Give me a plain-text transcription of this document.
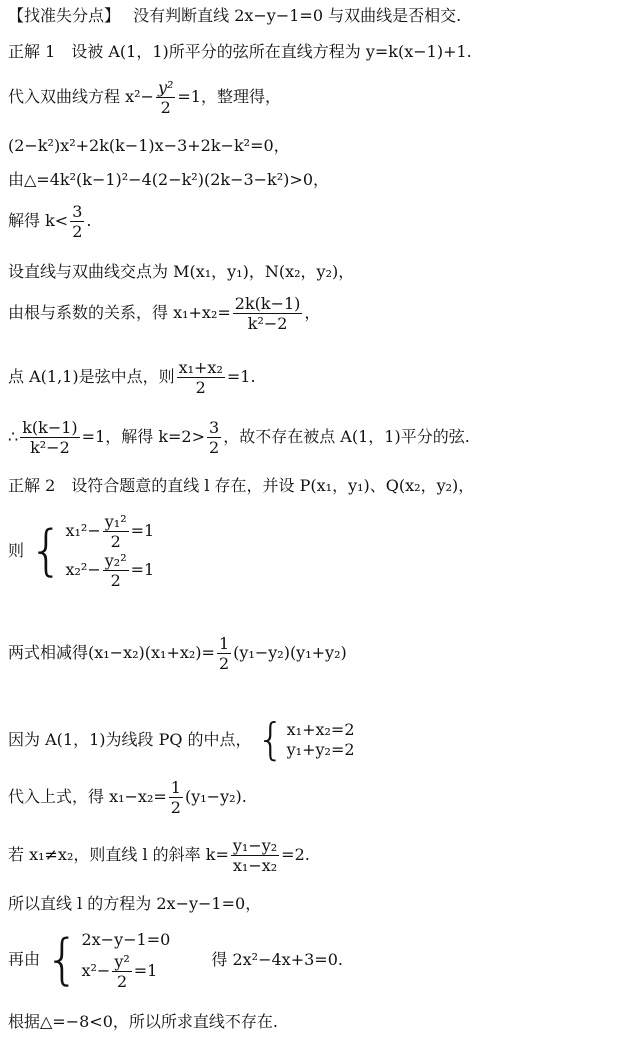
【找准失分点】 没有判断直线 2x−y−1=0 与双曲线是否相交.
正解 1　设被 A(1，1)所平分的弦所在直线方程为 y=k(x−1)+1.
代入双曲线方程 $x^2- \frac{\text{y²}}{2} =1$，整理得，
(2−k²)x²+2k(k−1)x−3+2k−k²=0，
由△=4k²(k−1)²−4(2−k²)(2k−3−k²)>0，
解得 $k< \frac{3}{2}$ .
设直线与双曲线交点为 M(x₁，y₁)，N(x₂，y₂)，
由根与系数的关系，得 $x_1+x_2= \frac{2k(k-1)}{\text{k²−2}}$ ，
点 A(1,1)是弦中点，则 $\frac{\text{x₁+x₂}}{2} =1$.
∴ $\frac{k(k-1)}{\text{k²−2}} =1$，解得 $k=2> \frac{3}{2}$ ，故不存在被点 A(1，1)平分的弦.
正解 2　设符合题意的直线 l 存在，并设 P(x₁，y₁)、Q(x₂，y₂)，
则 { $x_1^2- \frac{\text{y₁²}}{2} =1$
$x_2^2- \frac{\text{y₂²}}{2} =1$
两式相减得$(x_1-x_2)(x_1+x_2)= \frac{1}{2} (y_1-y_2)(y_1+y_2)$
因为 A(1，1)为线段 PQ 的中点， { x₁+x₂=2
y₁+y₂=2
代入上式，得 $x_1-x_2= \frac{1}{2} (y_1-y_2)$.
若 x₁≠x₂，则直线 l 的斜率 $k= \frac{\text{y₁−y₂}}{\text{x₁−x₂}} =2$.
所以直线 l 的方程为 2x−y−1=0，
再由 { 2x−y−1=0
$x^2- \frac{\text{y²}}{2} =1$
得 2x²−4x+3=0.
根据△=−8<0，所以所求直线不存在.
